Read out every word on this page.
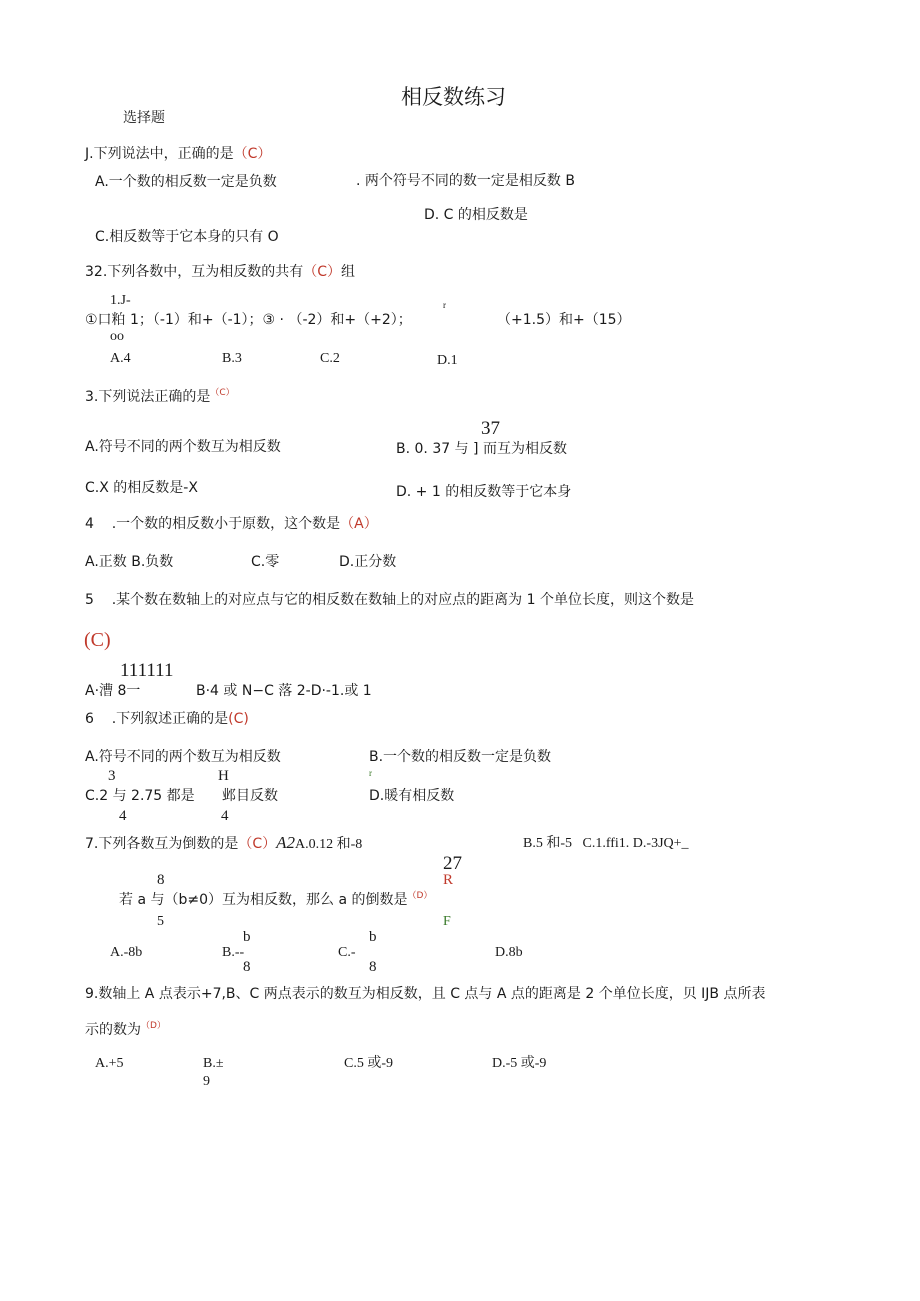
相反数练习
选择题
J.下列说法中，正确的是（C）
A.一个数的相反数一定是负数	. 两个符号不同的数一定是相反数 B
D. C 的相反数是
C.相反数等于它本身的只有 O
32.下列各数中，互为相反数的共有（C）组
1.J-	r
①口粕 1；（-1）和+（-1）；③ · （-2）和+（+2）；	（+1.5）和+（15）
oo
A.4	B.3	C.2	D.1
3.下列说法正确的是$^{(C)}$
37
A.符号不同的两个数互为相反数	B. 0. 37 与 ] 而互为相反数
C.X 的相反数是-X	D. + 1 的相反数等于它本身
4    .一个数的相反数小于原数，这个数是（A）
A.正数 B.负数	C.零	D.正分数
5    .某个数在数轴上的对应点与它的相反数在数轴上的对应点的距离为 1 个单位长度，则这个数是
(C)
111111
A·漕 8一	B·4 或 N−C 落 2-D·-1.或 1
6    .下列叙述正确的是(C)
A.符号不同的两个数互为相反数	B.一个数的相反数一定是负数
3	H	r
C.2 与 2.75 都是 邺目反数	D.暖有相反数
4	4
7.下列各数互为倒数的是（C）A2A.0.12 和-8	B.5 和-5   C.1.ffi1. D.-3JQ+_
27
8	R
若 a 与（b≠0）互为相反数，那么 a 的倒数是$^{(D)}$
5	F
b	b
A.-8b	B.--	C.-	D.8b
8	8
9.数轴上 A 点表示+7,B、C 两点表示的数互为相反数，且 C 点与 A 点的距离是 2 个单位长度，贝 IJB 点所表
示的数为$^{(D)}$
A.+5	B.±
9
C.5 或-9	D.-5 或-9
